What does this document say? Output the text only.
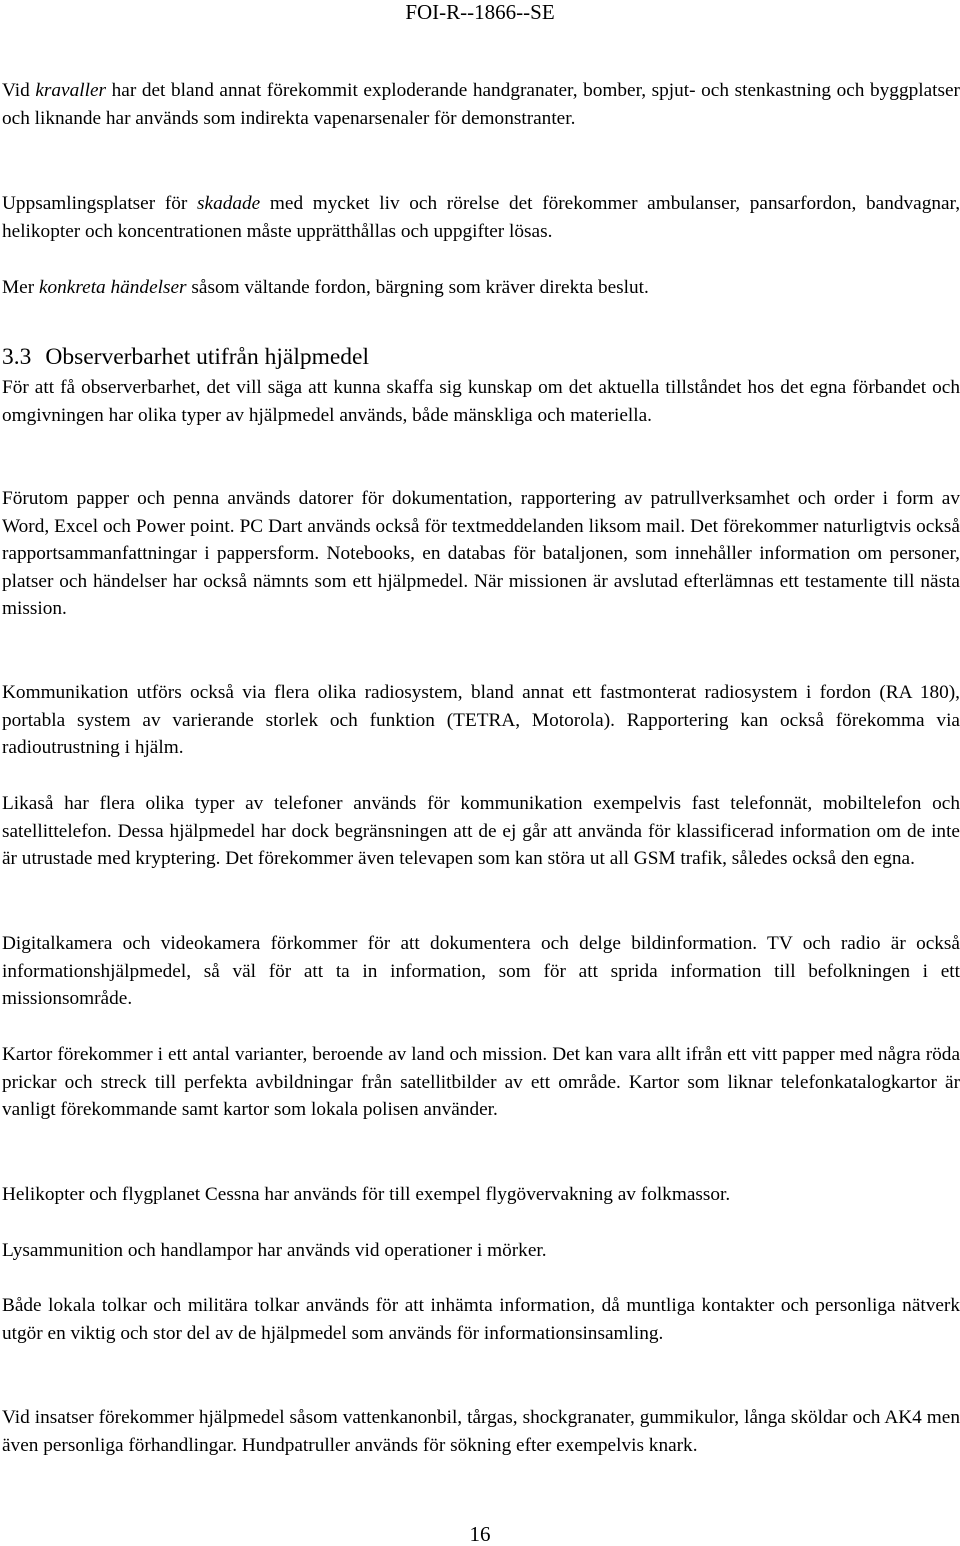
FOI-R--1866--SE

Vid kravaller har det bland annat förekommit exploderande handgranater, bomber, spjut- och stenkastning och byggplatser och liknande har används som indirekta vapenarsenaler för demonstranter.

Uppsamlingsplatser för skadade med mycket liv och rörelse det förekommer ambulanser, pansarfordon, bandvagnar, helikopter och koncentrationen måste upprätthållas och uppgifter lösas.

Mer konkreta händelser såsom vältande fordon, bärgning som kräver direkta beslut.

3.3 Observerbarhet utifrån hjälpmedel

För att få observerbarhet, det vill säga att kunna skaffa sig kunskap om det aktuella tillståndet hos det egna förbandet och omgivningen har olika typer av hjälpmedel används, både mänskliga och materiella.

Förutom papper och penna används datorer för dokumentation, rapportering av patrullverksamhet och order i form av Word, Excel och Power point. PC Dart används också för textmeddelanden liksom mail. Det förekommer naturligtvis också rapportsammanfattningar i pappersform. Notebooks, en databas för bataljonen, som innehåller information om personer, platser och händelser har också nämnts som ett hjälpmedel. När missionen är avslutad efterlämnas ett testamente till nästa mission.

Kommunikation utförs också via flera olika radiosystem, bland annat ett fastmonterat radiosystem i fordon (RA 180), portabla system av varierande storlek och funktion (TETRA, Motorola). Rapportering kan också förekomma via radioutrustning i hjälm.

Likaså har flera olika typer av telefoner används för kommunikation exempelvis fast telefonnät, mobiltelefon och satellittelefon. Dessa hjälpmedel har dock begränsningen att de ej går att använda för klassificerad information om de inte är utrustade med kryptering. Det förekommer även televapen som kan störa ut all GSM trafik, således också den egna.

Digitalkamera och videokamera förkommer för att dokumentera och delge bildinformation. TV och radio är också informationshjälpmedel, så väl för att ta in information, som för att sprida information till befolkningen i ett missionsområde.

Kartor förekommer i ett antal varianter, beroende av land och mission. Det kan vara allt ifrån ett vitt papper med några röda prickar och streck till perfekta avbildningar från satellitbilder av ett område. Kartor som liknar telefonkatalogkartor är vanligt förekommande samt kartor som lokala polisen använder.

Helikopter och flygplanet Cessna har används för till exempel flygövervakning av folkmassor.

Lysammunition och handlampor har används vid operationer i mörker.

Både lokala tolkar och militära tolkar används för att inhämta information, då muntliga kontakter och personliga nätverk utgör en viktig och stor del av de hjälpmedel som används för informationsinsamling.

Vid insatser förekommer hjälpmedel såsom vattenkanonbil, tårgas, shockgranater, gummikulor, långa sköldar och AK4 men även personliga förhandlingar. Hundpatruller används för sökning efter exempelvis knark.

16
